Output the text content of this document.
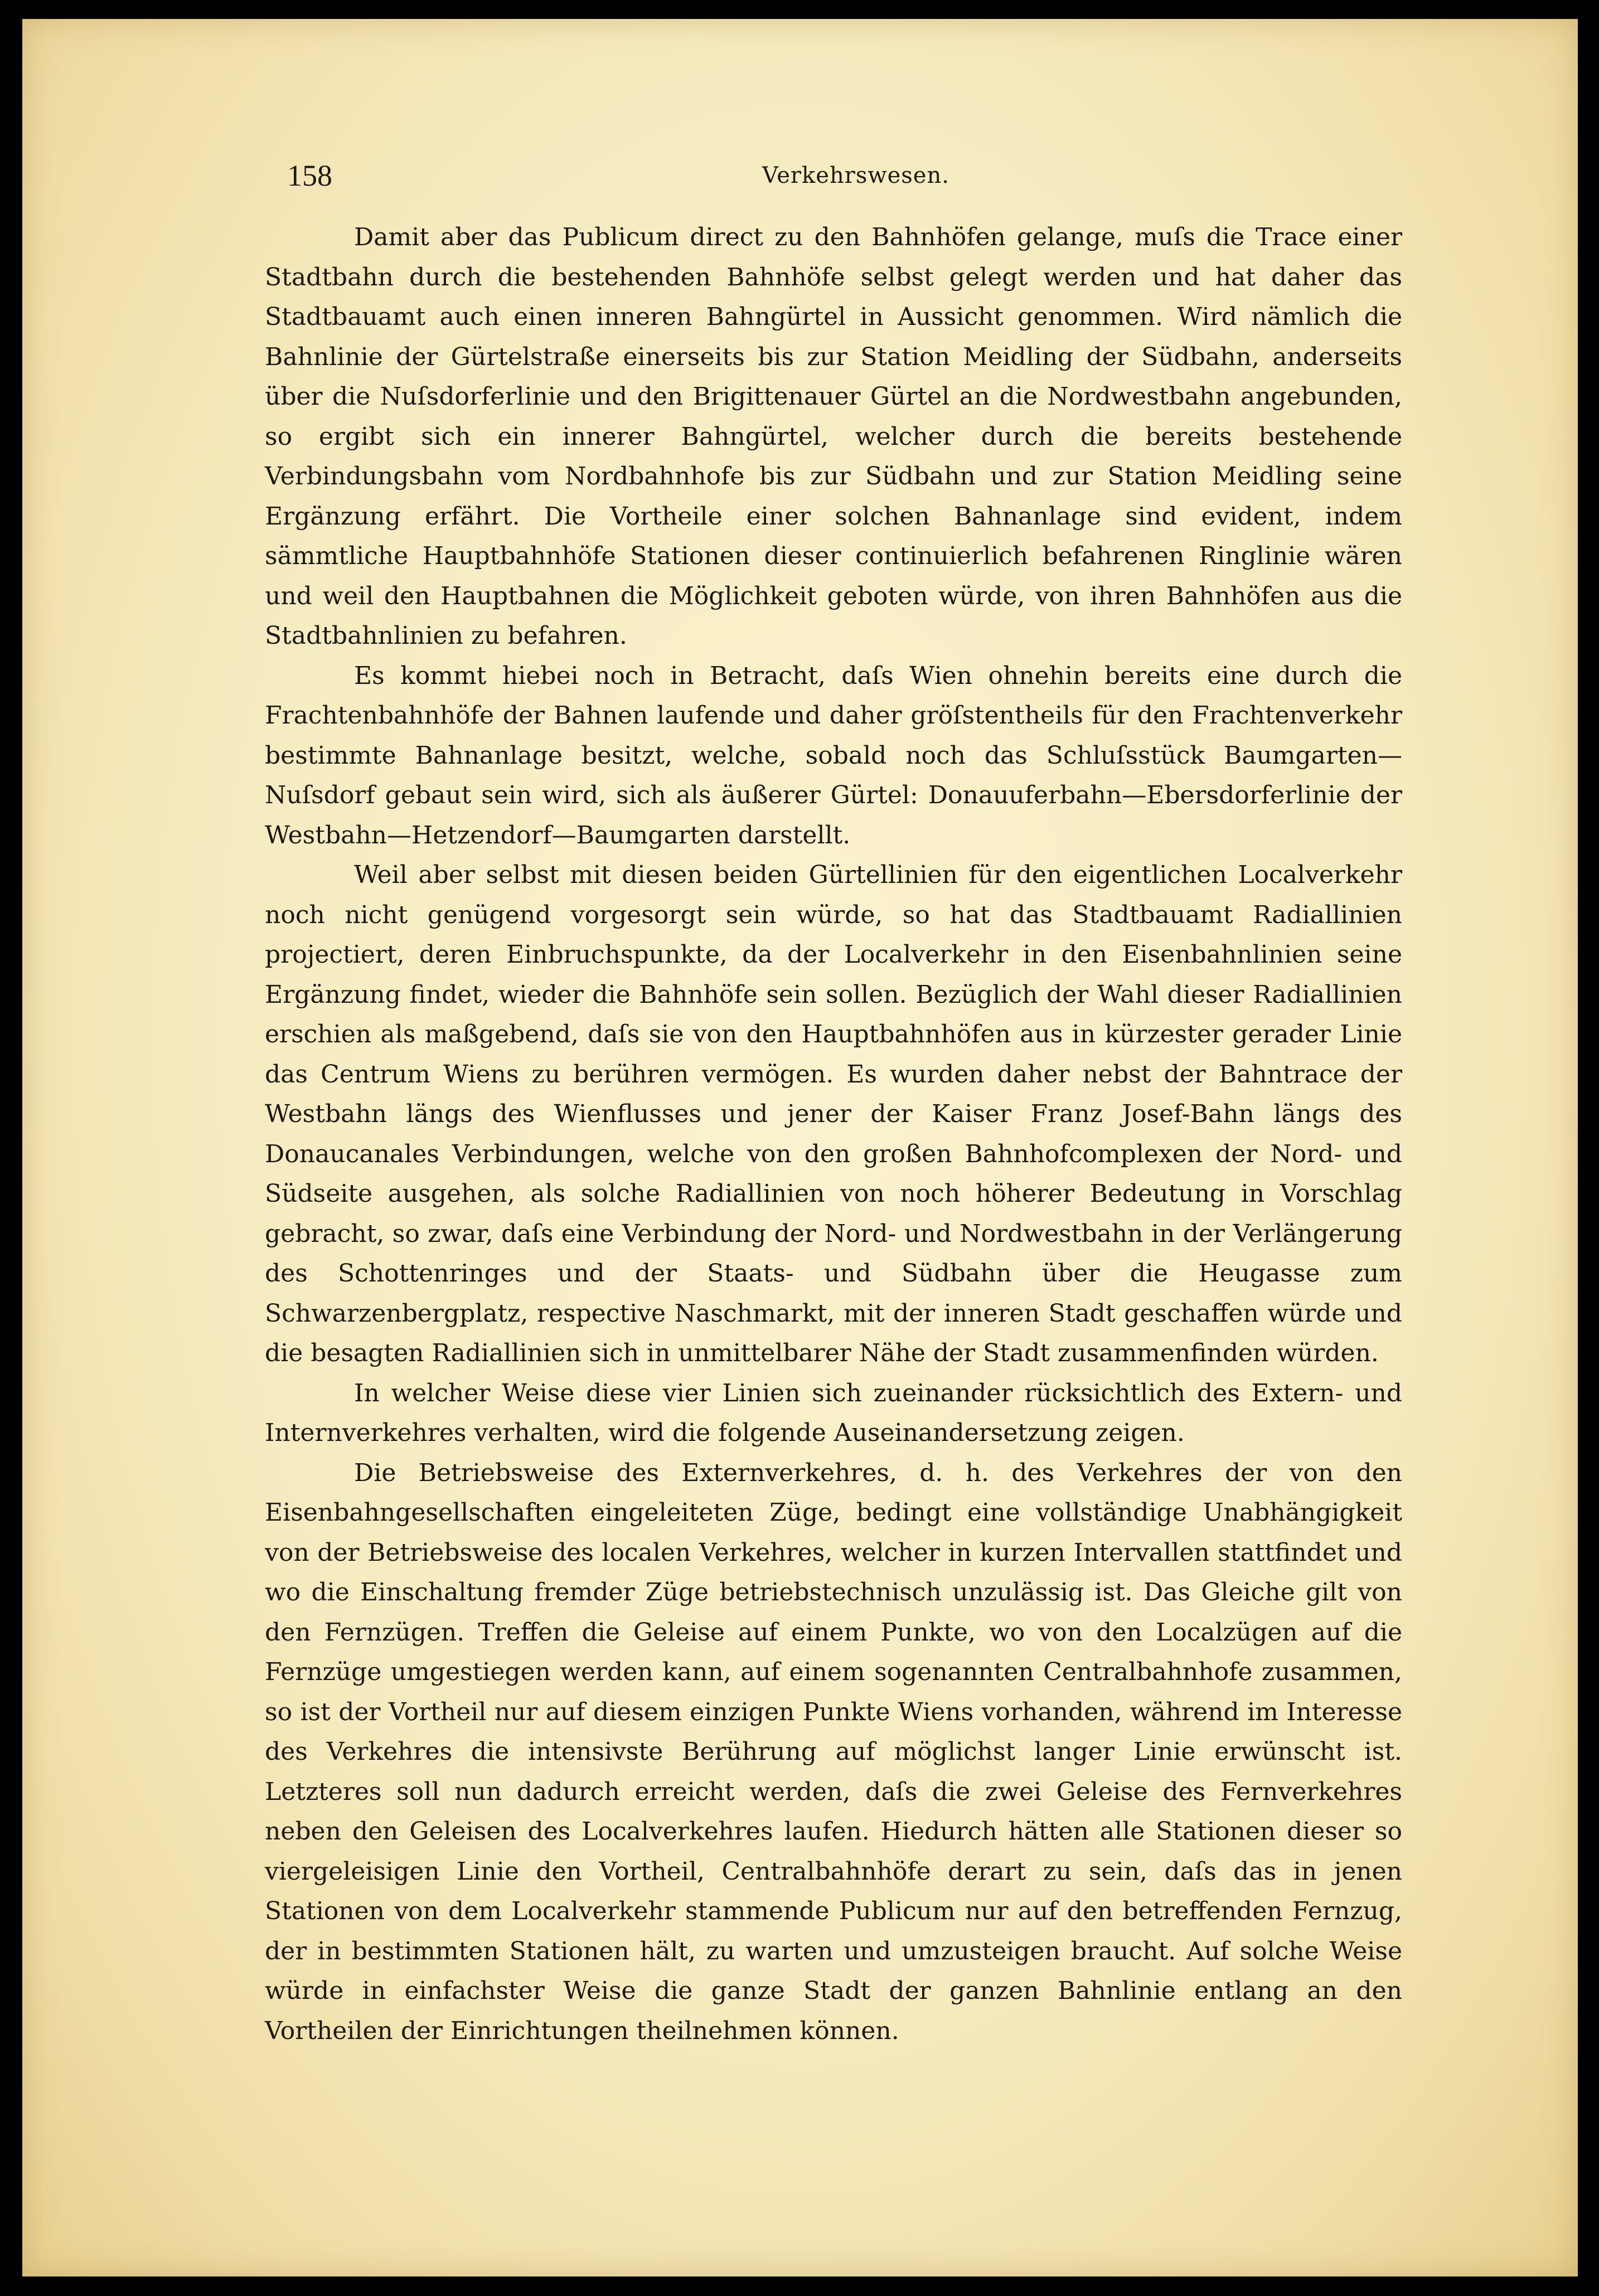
158	Verkehrswesen.

Damit aber das Publicum direct zu den Bahnhöfen gelange, muſs die Trace einer Stadtbahn durch die bestehenden Bahnhöfe selbst gelegt werden und hat daher das Stadtbauamt auch einen inneren Bahngürtel in Aussicht genommen. Wird nämlich die Bahnlinie der Gürtelstraße einerseits bis zur Station Meidling der Südbahn, anderseits über die Nuſsdorferlinie und den Brigittenauer Gürtel an die Nordwestbahn angebunden, so ergibt sich ein innerer Bahngürtel, welcher durch die bereits bestehende Verbindungsbahn vom Nordbahnhofe bis zur Südbahn und zur Station Meidling seine Ergänzung erfährt. Die Vortheile einer solchen Bahnanlage sind evident, indem sämmtliche Hauptbahnhöfe Stationen dieser continuierlich befahrenen Ringlinie wären und weil den Hauptbahnen die Möglichkeit geboten würde, von ihren Bahnhöfen aus die Stadtbahnlinien zu befahren.

Es kommt hiebei noch in Betracht, daſs Wien ohnehin bereits eine durch die Frachtenbahnhöfe der Bahnen laufende und daher gröſstentheils für den Frachtenverkehr bestimmte Bahnanlage besitzt, welche, sobald noch das Schluſsstück Baumgarten—Nuſsdorf gebaut sein wird, sich als äußerer Gürtel: Donauuferbahn—Ebersdorferlinie der Westbahn—Hetzendorf—Baumgarten darstellt.

Weil aber selbst mit diesen beiden Gürtellinien für den eigentlichen Localverkehr noch nicht genügend vorgesorgt sein würde, so hat das Stadtbauamt Radiallinien projectiert, deren Einbruchspunkte, da der Localverkehr in den Eisenbahnlinien seine Ergänzung findet, wieder die Bahnhöfe sein sollen. Bezüglich der Wahl dieser Radiallinien erschien als maßgebend, daſs sie von den Hauptbahnhöfen aus in kürzester gerader Linie das Centrum Wiens zu berühren vermögen. Es wurden daher nebst der Bahntrace der Westbahn längs des Wienflusses und jener der Kaiser Franz Josef-Bahn längs des Donaucanales Verbindungen, welche von den großen Bahnhofcomplexen der Nord- und Südseite ausgehen, als solche Radiallinien von noch höherer Bedeutung in Vorschlag gebracht, so zwar, daſs eine Verbindung der Nord- und Nordwestbahn in der Verlängerung des Schottenringes und der Staats- und Südbahn über die Heugasse zum Schwarzenbergplatz, respective Naschmarkt, mit der inneren Stadt geschaffen würde und die besagten Radiallinien sich in unmittelbarer Nähe der Stadt zusammenfinden würden.

In welcher Weise diese vier Linien sich zueinander rücksichtlich des Extern- und Internverkehres verhalten, wird die folgende Auseinandersetzung zeigen.

Die Betriebsweise des Externverkehres, d. h. des Verkehres der von den Eisenbahngesellschaften eingeleiteten Züge, bedingt eine vollständige Unabhängigkeit von der Betriebsweise des localen Verkehres, welcher in kurzen Intervallen stattfindet und wo die Einschaltung fremder Züge betriebstechnisch unzulässig ist. Das Gleiche gilt von den Fernzügen. Treffen die Geleise auf einem Punkte, wo von den Localzügen auf die Fernzüge umgestiegen werden kann, auf einem sogenannten Centralbahnhofe zusammen, so ist der Vortheil nur auf diesem einzigen Punkte Wiens vorhanden, während im Interesse des Verkehres die intensivste Berührung auf möglichst langer Linie erwünscht ist. Letzteres soll nun dadurch erreicht werden, daſs die zwei Geleise des Fernverkehres neben den Geleisen des Localverkehres laufen. Hiedurch hätten alle Stationen dieser so viergeleisigen Linie den Vortheil, Centralbahnhöfe derart zu sein, daſs das in jenen Stationen von dem Localverkehr stammende Publicum nur auf den betreffenden Fernzug, der in bestimmten Stationen hält, zu warten und umzusteigen braucht. Auf solche Weise würde in einfachster Weise die ganze Stadt der ganzen Bahnlinie entlang an den Vortheilen der Einrichtungen theilnehmen können.
